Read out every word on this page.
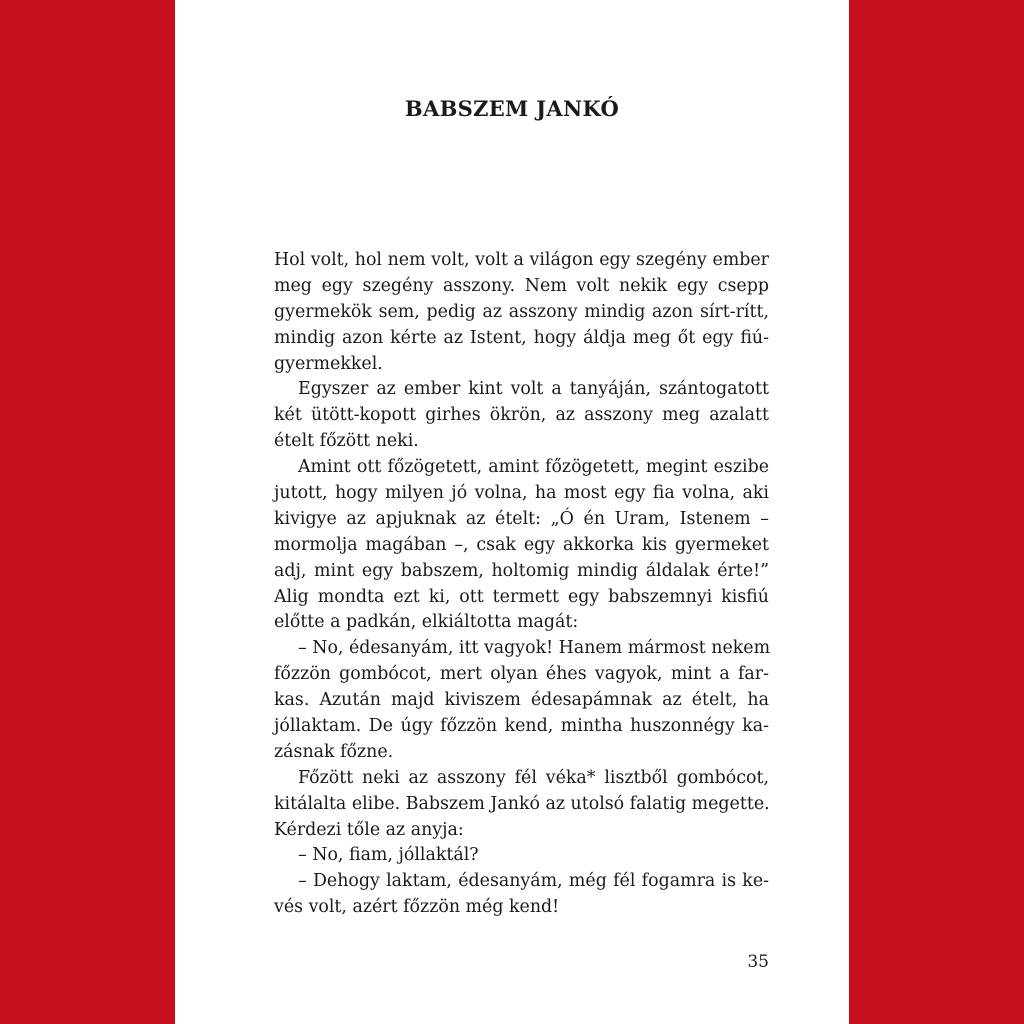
BABSZEM JANKÓ
Hol volt, hol nem volt, volt a világon egy szegény ember
meg egy szegény asszony. Nem volt nekik egy csepp
gyermekök sem, pedig az asszony mindig azon sírt-rítt,
mindig azon kérte az Istent, hogy áldja meg őt egy fiú-
gyermekkel.
Egyszer az ember kint volt a tanyáján, szántogatott
két ütött-kopott girhes ökrön, az asszony meg azalatt
ételt főzött neki.
Amint ott főzögetett, amint főzögetett, megint eszibe
jutott, hogy milyen jó volna, ha most egy fia volna, aki
kivigye az apjuknak az ételt: „Ó én Uram, Istenem –
mormolja magában –, csak egy akkorka kis gyermeket
adj, mint egy babszem, holtomig mindig áldalak érte!”
Alig mondta ezt ki, ott termett egy babszemnyi kisfiú
előtte a padkán, elkiáltotta magát:
– No, édesanyám, itt vagyok! Hanem mármost nekem
főzzön gombócot, mert olyan éhes vagyok, mint a far-
kas. Azután majd kiviszem édesapámnak az ételt, ha
jóllaktam. De úgy főzzön kend, mintha huszonnégy ka-
zásnak főzne.
Főzött neki az asszony fél véka* lisztből gombócot,
kitálalta elibe. Babszem Jankó az utolsó falatig megette.
Kérdezi tőle az anyja:
– No, fiam, jóllaktál?
– Dehogy laktam, édesanyám, még fél fogamra is ke-
vés volt, azért főzzön még kend!
35
